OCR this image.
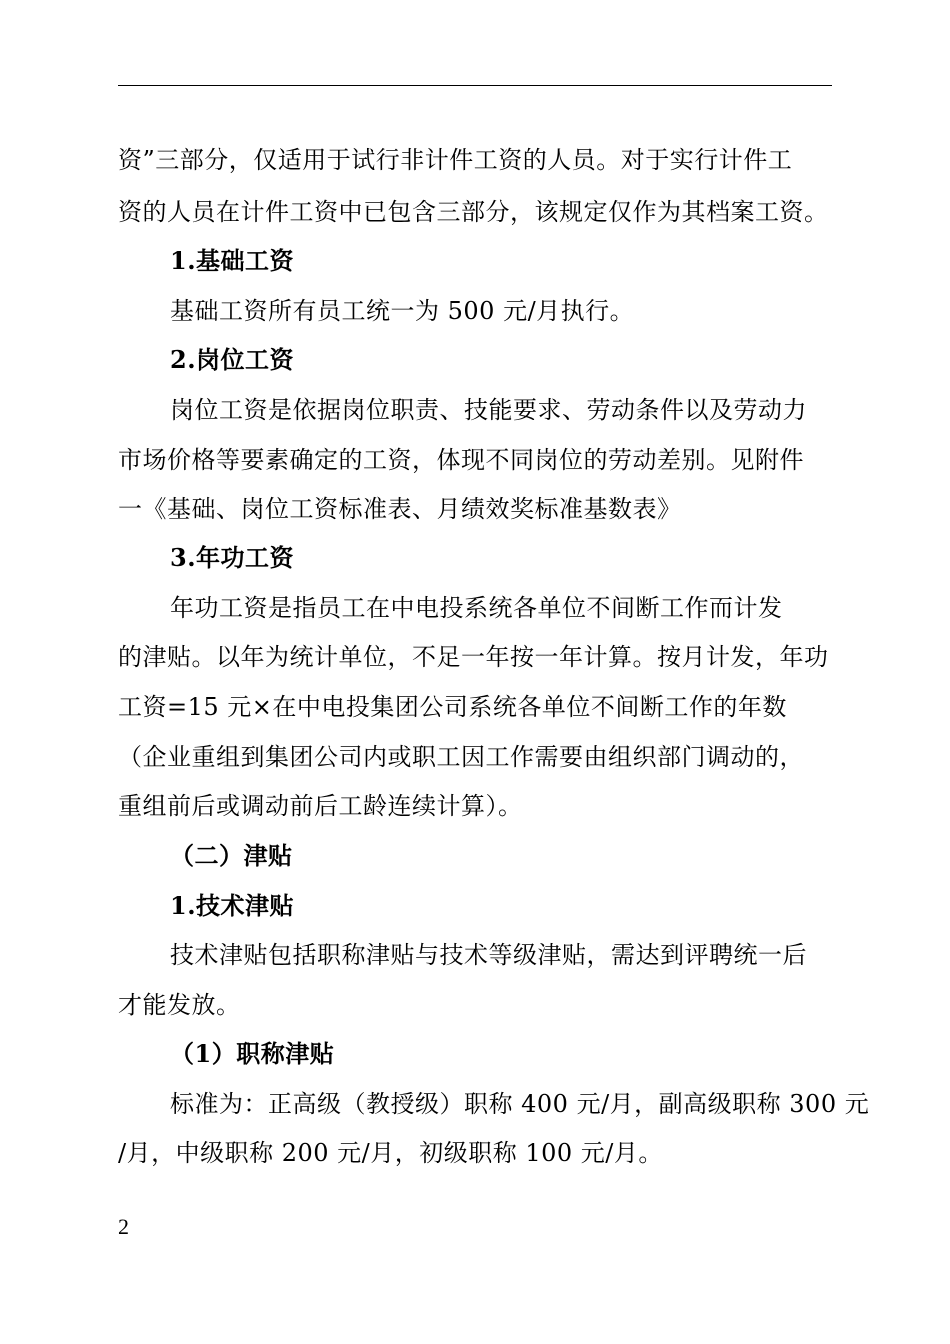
资”三部分，仅适用于试行非计件工资的人员。对于实行计件工
资的人员在计件工资中已包含三部分，该规定仅作为其档案工资。
1.基础工资
基础工资所有员工统一为 500 元/月执行。
2.岗位工资
岗位工资是依据岗位职责、技能要求、劳动条件以及劳动力
市场价格等要素确定的工资，体现不同岗位的劳动差别。见附件
一《基础、岗位工资标准表、月绩效奖标准基数表》
3.年功工资
年功工资是指员工在中电投系统各单位不间断工作而计发
的津贴。以年为统计单位，不足一年按一年计算。按月计发，年功
工资=15 元×在中电投集团公司系统各单位不间断工作的年数
（企业重组到集团公司内或职工因工作需要由组织部门调动的，
重组前后或调动前后工龄连续计算）。
（二）津贴
1.技术津贴
技术津贴包括职称津贴与技术等级津贴，需达到评聘统一后
才能发放。
（1）职称津贴
标准为：正高级（教授级）职称 400 元/月，副高级职称 300 元
/月，中级职称 200 元/月，初级职称 100 元/月。
2
